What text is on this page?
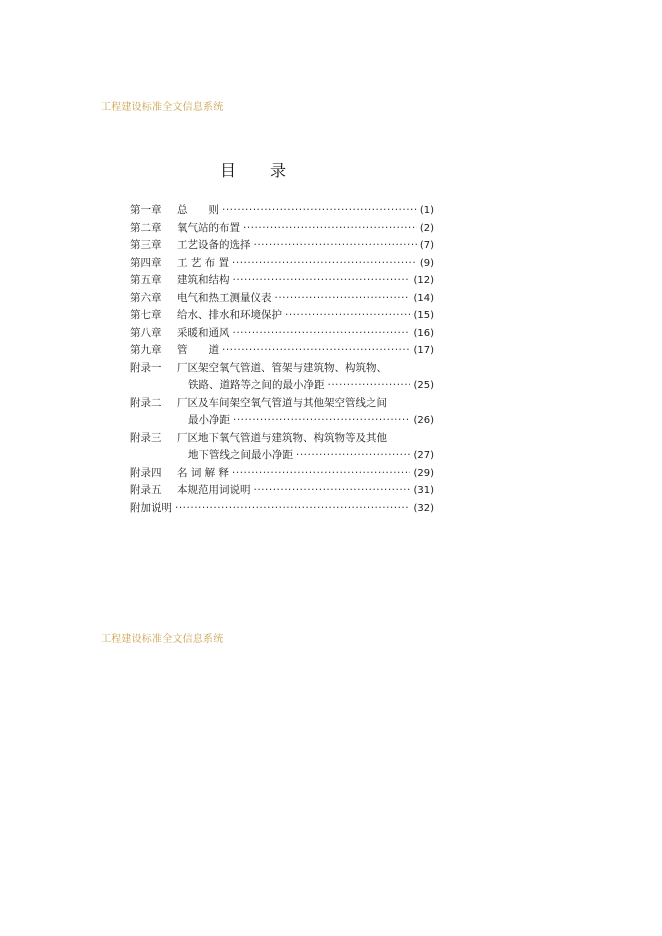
工程建设标准全文信息系统
目录
第一章	总　　则 ·····	(1)
第二章	氧气站的布置 ·····	(2)
第三章	工艺设备的选择 ·····	(7)
第四章	工 艺 布 置 ·····	(9)
第五章	建筑和结构 ·····	(12)
第六章	电气和热工测量仪表 ·····	(14)
第七章	给水、排水和环境保护 ·····	(15)
第八章	采暖和通风 ·····	(16)
第九章	管　　道 ·····	(17)
附录一	厂区架空氧气管道、管架与建筑物、构筑物、
铁路、道路等之间的最小净距 ·····	(25)
附录二	厂区及车间架空氧气管道与其他架空管线之间
最小净距 ·····	(26)
附录三	厂区地下氧气管道与建筑物、构筑物等及其他
地下管线之间最小净距 ·····	(27)
附录四	名 词 解 释 ·····	(29)
附录五	本规范用词说明 ·····	(31)
附加说明 ·····	(32)
工程建设标准全文信息系统
